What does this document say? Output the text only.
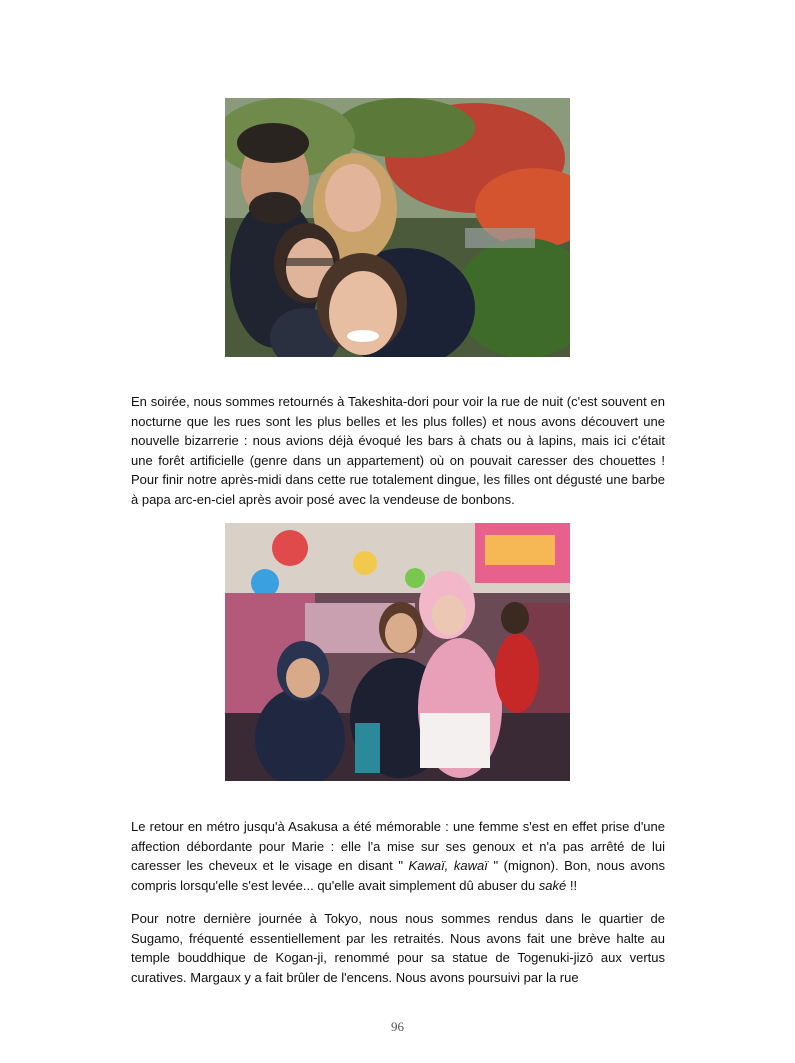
En soirée, nous sommes retournés à Takeshita-dori pour voir la rue de nuit (c'est souvent en nocturne que les rues sont les plus belles et les plus folles) et nous avons découvert une nouvelle bizarrerie : nous avions déjà évoqué les bars à chats ou à lapins, mais ici c'était une forêt artificielle (genre dans un appartement) où on pouvait caresser des chouettes ! Pour finir notre après-midi dans cette rue totalement dingue, les filles ont dégusté une barbe à papa arc-en-ciel après avoir posé avec la vendeuse de bonbons.

Le retour en métro jusqu'à Asakusa a été mémorable : une femme s'est en effet prise d'une affection débordante pour Marie : elle l'a mise sur ses genoux et n'a pas arrêté de lui caresser les cheveux et le visage en disant " Kawaï, kawaï " (mignon). Bon, nous avons compris lorsqu'elle s'est levée... qu'elle avait simplement dû abuser du saké !!

Pour notre dernière journée à Tokyo, nous nous sommes rendus dans le quartier de Sugamo, fréquenté essentiellement par les retraités. Nous avons fait une brève halte au temple bouddhique de Kogan-ji, renommé pour sa statue de Togenuki-jizō aux vertus curatives. Margaux y a fait brûler de l'encens. Nous avons poursuivi par la rue

96
